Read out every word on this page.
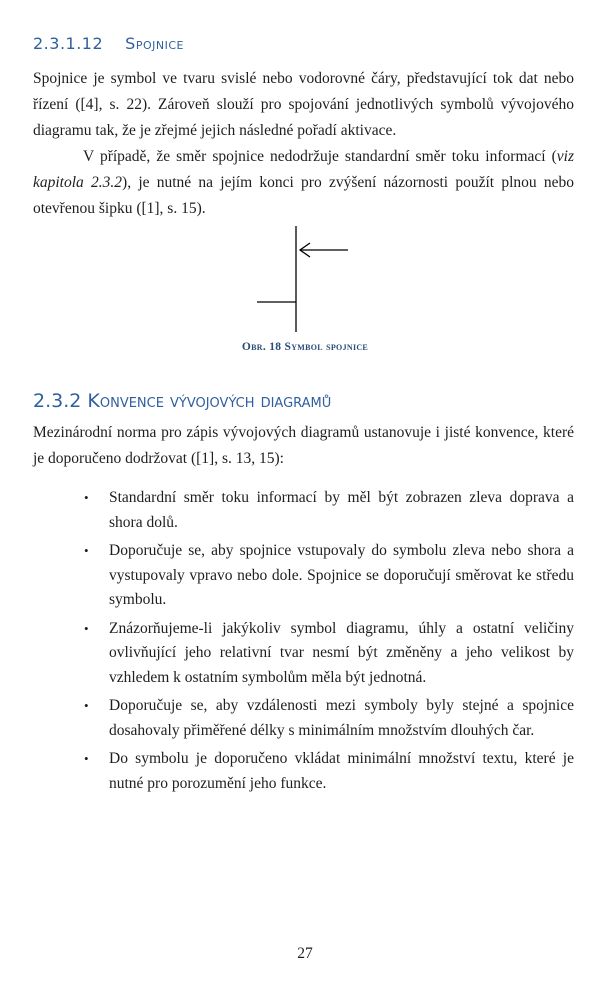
2.3.1.12 Spojnice

Spojnice je symbol ve tvaru svislé nebo vodorovné čáry, představující tok dat nebo řízení ([4], s. 22). Zároveň slouží pro spojování jednotlivých symbolů vývojového diagramu tak, že je zřejmé jejich následné pořadí aktivace.

V případě, že směr spojnice nedodržuje standardní směr toku informací (viz kapitola 2.3.2), je nutné na jejím konci pro zvýšení názornosti použít plnou nebo otevřenou šipku ([1], s. 15).

Obr. 18 Symbol spojnice
2.3.2 Konvence vývojových diagramů

Mezinárodní norma pro zápis vývojových diagramů ustanovuje i jisté konvence, které je doporučeno dodržovat ([1], s. 13, 15):

• Standardní směr toku informací by měl být zobrazen zleva doprava a shora dolů.
• Doporučuje se, aby spojnice vstupovaly do symbolu zleva nebo shora a vystupovaly vpravo nebo dole. Spojnice se doporučují směrovat ke středu symbolu.
• Znázorňujeme-li jakýkoliv symbol diagramu, úhly a ostatní veličiny ovlivňující jeho relativní tvar nesmí být změněny a jeho velikost by vzhledem k ostatním symbolům měla být jednotná.
• Doporučuje se, aby vzdálenosti mezi symboly byly stejné a spojnice dosahovaly přiměřené délky s minimálním množstvím dlouhých čar.
• Do symbolu je doporučeno vkládat minimální množství textu, které je nutné pro porozumění jeho funkce.
27
